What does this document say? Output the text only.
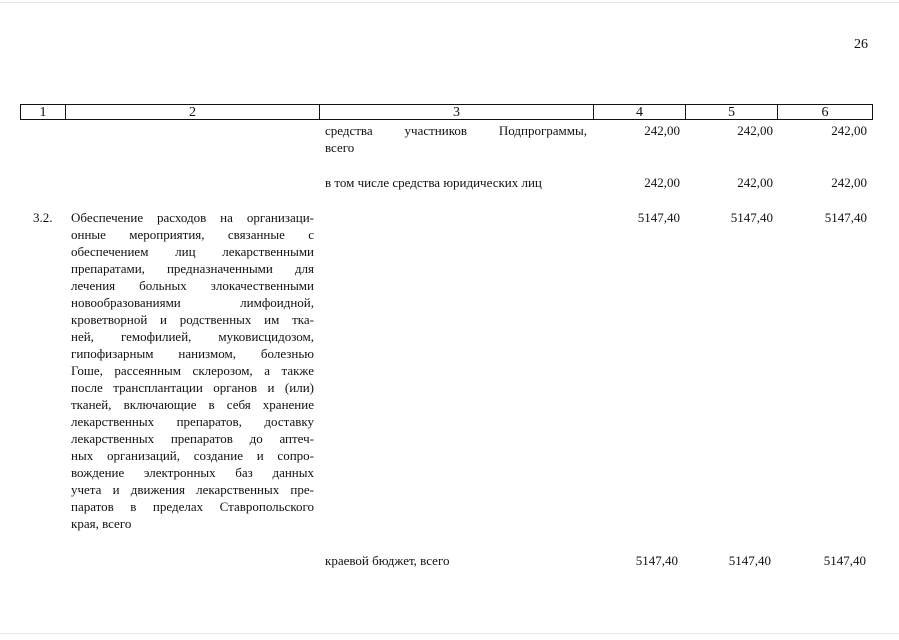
26
1	2	3	4	5	6
средства участников Подпрограммы,
всего
242,00	242,00	242,00
в том числе средства юридических лиц	242,00	242,00	242,00
3.2. Обеспечение расходов на организаци-
онные мероприятия, связанные с
обеспечением лиц лекарственными
препаратами, предназначенными для
лечения больных злокачественными
новообразованиями лимфоидной,
кроветворной и родственных им тка-
ней, гемофилией, муковисцидозом,
гипофизарным нанизмом, болезнью
Гоше, рассеянным склерозом, а также
после трансплантации органов и (или)
тканей, включающие в себя хранение
лекарственных препаратов, доставку
лекарственных препаратов до аптеч-
ных организаций, создание и сопро-
вождение электронных баз данных
учета и движения лекарственных пре-
паратов в пределах Ставропольского
края, всего
5147,40	5147,40	5147,40
краевой бюджет, всего	5147,40	5147,40	5147,40
